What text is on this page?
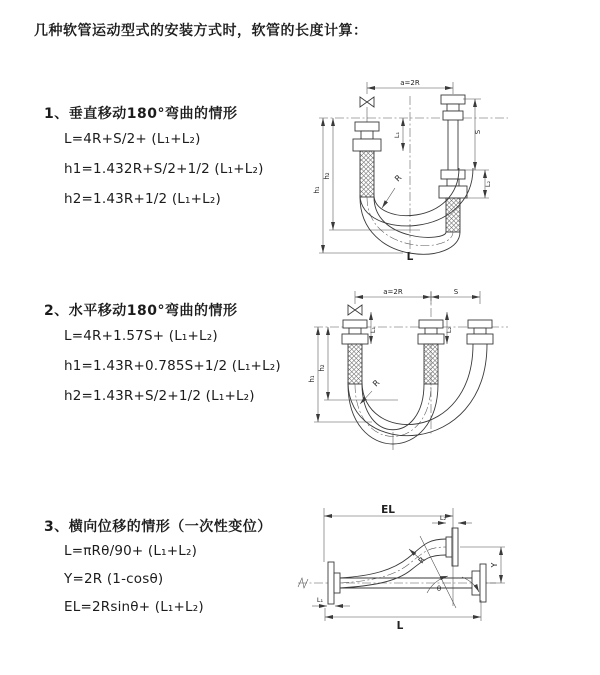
几种软管运动型式的安装方式时，软管的长度计算：
1、垂直移动180°弯曲的情形
L=4R+S/2+ (L₁+L₂)
h1=1.432R+S/2+1/2 (L₁+L₂)
h2=1.43R+1/2 (L₁+L₂)
a=2R
h₁
h₂
L₁	S
L₂
R
L
2、水平移动180°弯曲的情形
L=4R+1.57S+ (L₁+L₂)
h1=1.43R+0.785S+1/2 (L₁+L₂)
h2=1.43R+S/2+1/2 (L₁+L₂)
a=2R	S
h₁
h₂
L₁	L₂
R
3、横向位移的情形（一次性变位）
L=πRθ/90+ (L₁+L₂)
Y=2R (1-cosθ)
EL=2Rsinθ+ (L₁+L₂)
EL
L₂
Y
θ
R
L₁
L
